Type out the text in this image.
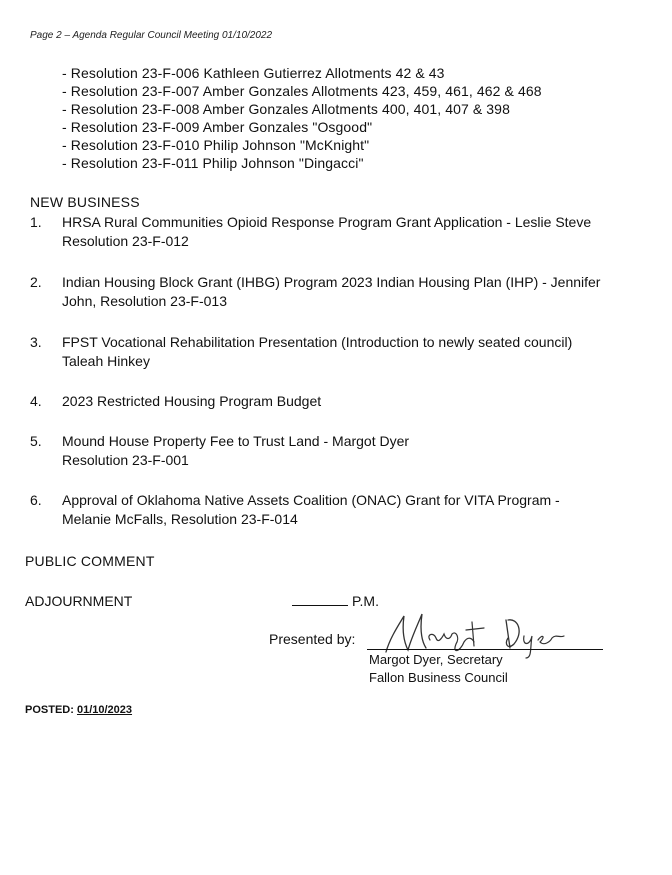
Page 2 – Agenda Regular Council Meeting 01/10/2022
- Resolution 23-F-006 Kathleen Gutierrez Allotments 42 & 43
- Resolution 23-F-007 Amber Gonzales Allotments 423, 459, 461, 462 & 468
- Resolution 23-F-008 Amber Gonzales Allotments 400, 401, 407 & 398
- Resolution 23-F-009 Amber Gonzales "Osgood"
- Resolution 23-F-010 Philip Johnson "McKnight"
- Resolution 23-F-011 Philip Johnson "Dingacci"
NEW BUSINESS
1. HRSA Rural Communities Opioid Response Program Grant Application - Leslie Steve
Resolution 23-F-012
2. Indian Housing Block Grant (IHBG) Program 2023 Indian Housing Plan (IHP) - Jennifer
John, Resolution 23-F-013
3. FPST Vocational Rehabilitation Presentation (Introduction to newly seated council)
Taleah Hinkey
4. 2023 Restricted Housing Program Budget
5. Mound House Property Fee to Trust Land - Margot Dyer
Resolution 23-F-001
6. Approval of Oklahoma Native Assets Coalition (ONAC) Grant for VITA Program -
Melanie McFalls, Resolution 23-F-014
PUBLIC COMMENT
ADJOURNMENT	P.M.
Presented by:
Margot Dyer, Secretary
Fallon Business Council
POSTED: 01/10/2023
